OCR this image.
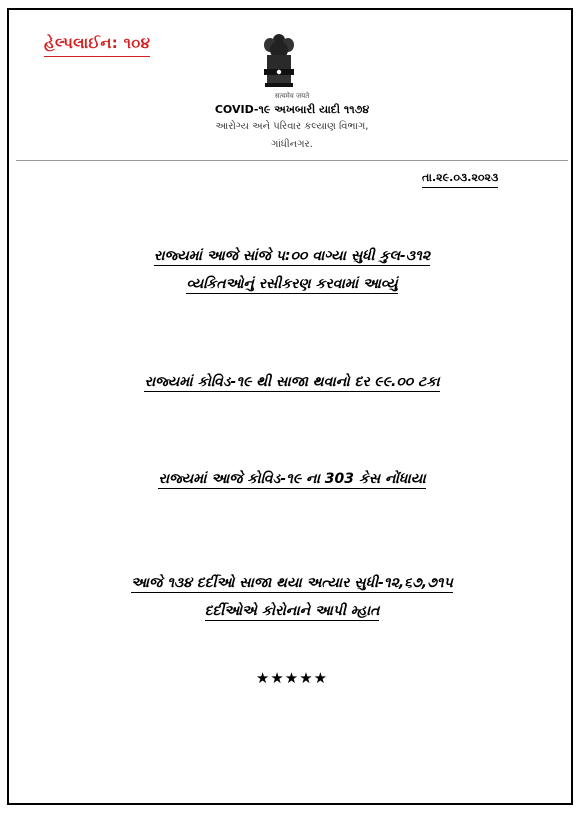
હેલ્પલાઈન: ૧૦૪
सत्यमेव जयते
COVID-૧૯ અખબારી યાદી ૧૧૭૪
આરોગ્ય અને પરિવાર કલ્યાણ વિભાગ,
ગાંધીનગર.
તા.૨૯.૦૩.૨૦૨૩
રાજ્યમાં આજે સાંજે ૫:૦૦ વાગ્યા સુધી કુલ-૩૧૨
વ્યકિતઓનું રસીકરણ કરવામાં આવ્યું
રાજ્યમાં કોવિડ-૧૯ થી સાજા થવાનો દર ૯૯.૦૦ ટકા
રાજ્યમાં આજે કોવિડ-૧૯ ના 303 કેસ નોંધાયા
આજે ૧૩૪ દર્દીઓ સાજા થયા અત્યાર સુધી-૧૨,૬૭,૭૧૫
દર્દીઓએ કોરોનાને આપી મ્હાત
★★★★★
